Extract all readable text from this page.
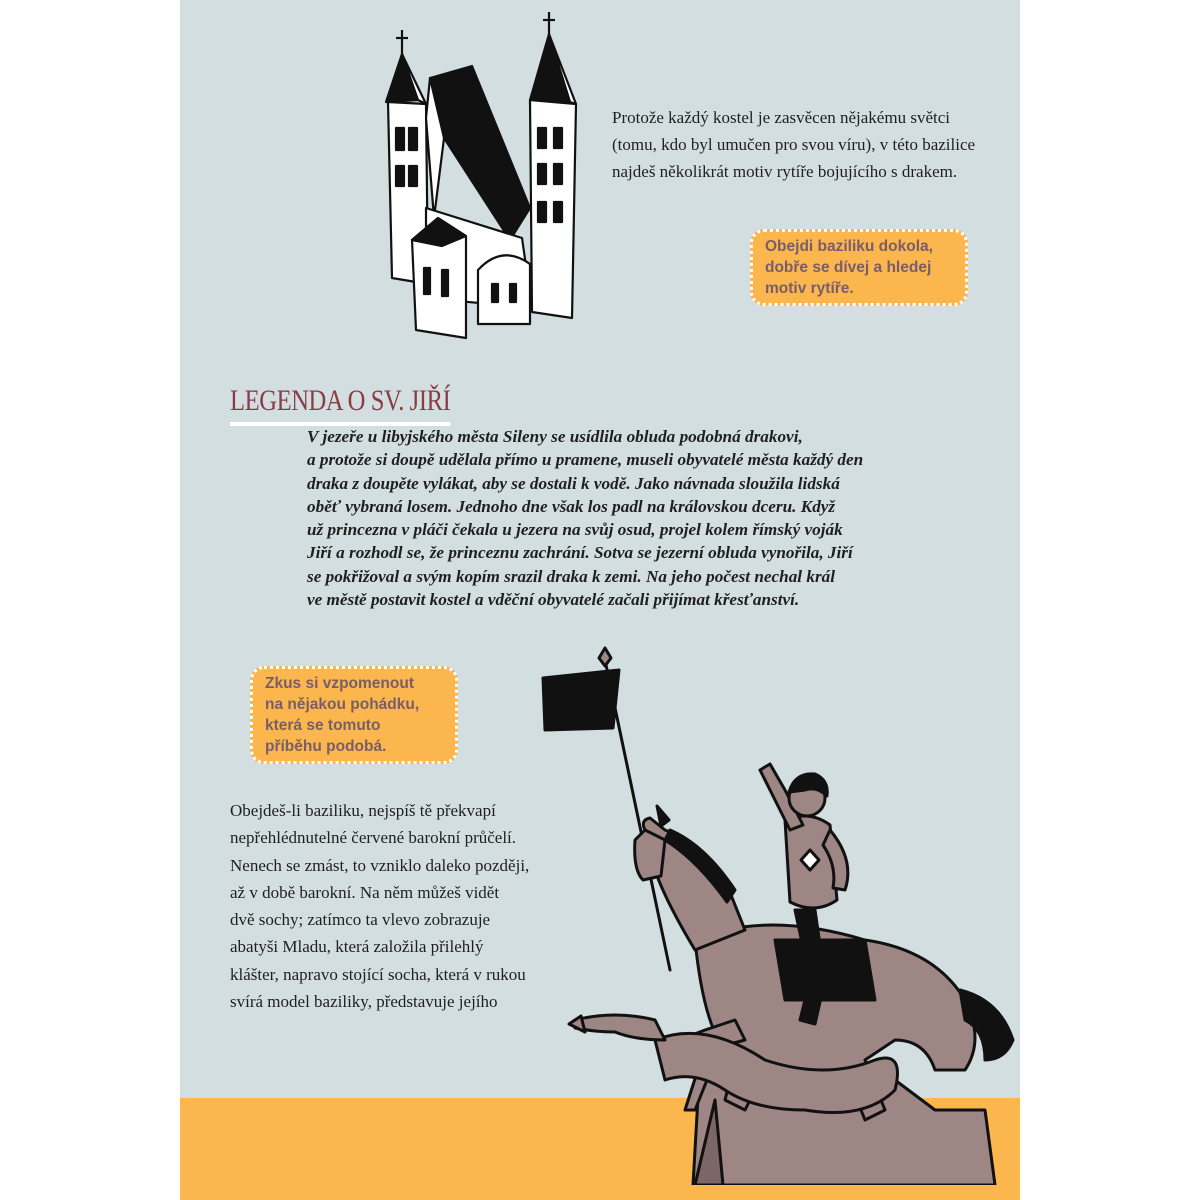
Protože každý kostel je zasvěcen nějakému světci (tomu, kdo byl umučen pro svou víru), v této bazilice najdeš několikrát motiv rytíře bojujícího s drakem.
Obejdi baziliku dokola,
dobře se dívej a hledej
motiv rytíře.
LEGENDA O SV. JIŘÍ
V jezeře u libyjského města Sileny se usídlila obluda podobná drakovi,
a protože si doupě udělala přímo u pramene, museli obyvatelé města každý den
draka z doupěte vylákat, aby se dostali k vodě. Jako návnada sloužila lidská
oběť vybraná losem. Jednoho dne však los padl na královskou dceru. Když
už princezna v pláči čekala u jezera na svůj osud, projel kolem římský voják
Jiří a rozhodl se, že princeznu zachrání. Sotva se jezerní obluda vynořila, Jiří
se pokřižoval a svým kopím srazil draka k zemi. Na jeho počest nechal král
ve městě postavit kostel a vděční obyvatelé začali přijímat křesťanství.
Zkus si vzpomenout
na nějakou pohádku,
která se tomuto
příběhu podobá.
Obejdeš-li baziliku, nejspíš tě překvapí
nepřehlédnutelné červené barokní průčelí.
Nenech se zmást, to vzniklo daleko později,
až v době barokní. Na něm můžeš vidět
dvě sochy; zatímco ta vlevo zobrazuje
abatyši Mladu, která založila přilehlý
klášter, napravo stojící socha, která v rukou
svírá model baziliky, představuje jejího
